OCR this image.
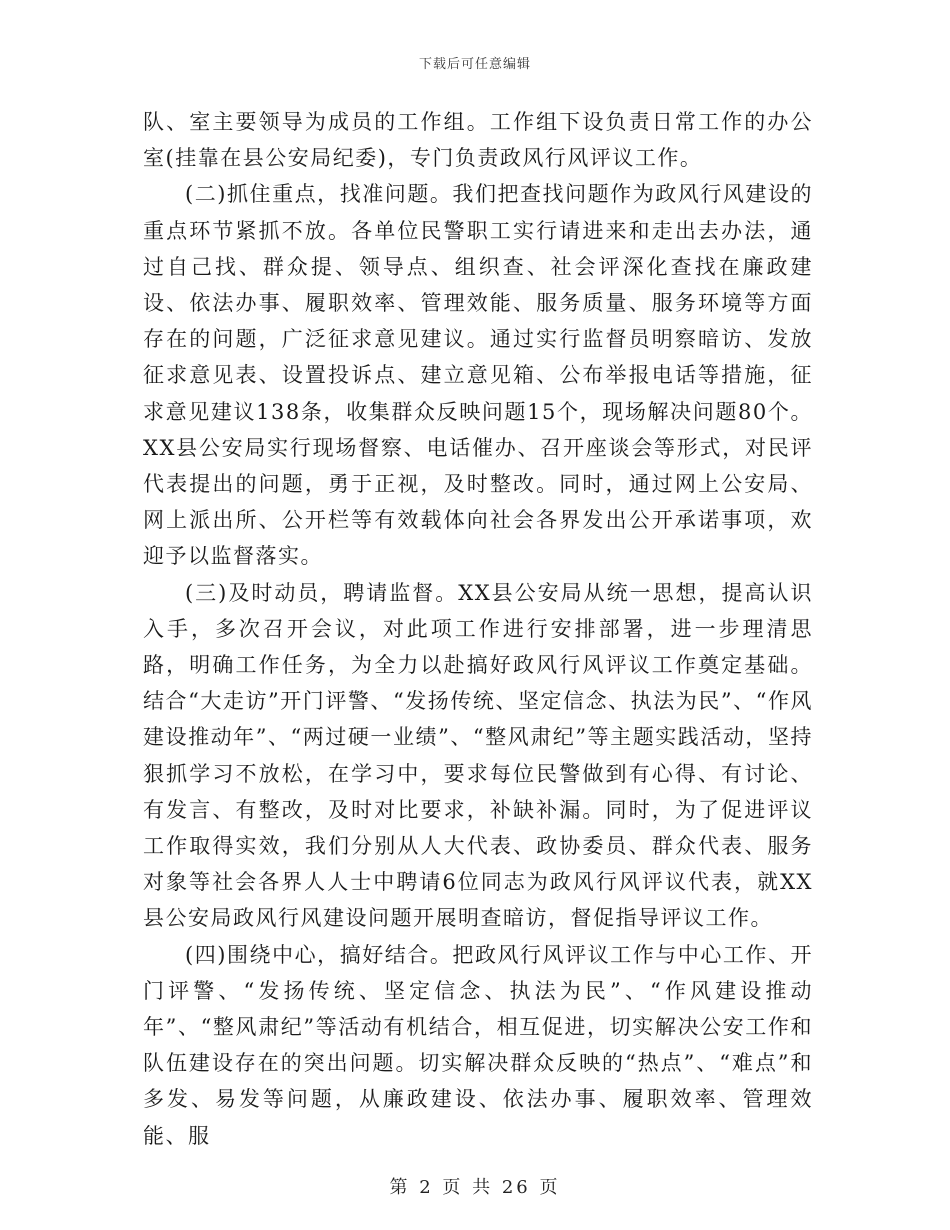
下载后可任意编辑

队、室主要领导为成员的工作组。工作组下设负责日常工作的办公室(挂靠在县公安局纪委)，专门负责政风行风评议工作。

(二)抓住重点，找准问题。我们把查找问题作为政风行风建设的重点环节紧抓不放。各单位民警职工实行请进来和走出去办法，通过自己找、群众提、领导点、组织查、社会评深化查找在廉政建设、依法办事、履职效率、管理效能、服务质量、服务环境等方面存在的问题，广泛征求意见建议。通过实行监督员明察暗访、发放征求意见表、设置投诉点、建立意见箱、公布举报电话等措施，征求意见建议138条，收集群众反映问题15个，现场解决问题80个。XX县公安局实行现场督察、电话催办、召开座谈会等形式，对民评代表提出的问题，勇于正视，及时整改。同时，通过网上公安局、网上派出所、公开栏等有效载体向社会各界发出公开承诺事项，欢迎予以监督落实。

(三)及时动员，聘请监督。XX县公安局从统一思想，提高认识入手，多次召开会议，对此项工作进行安排部署，进一步理清思路，明确工作任务，为全力以赴搞好政风行风评议工作奠定基础。结合“大走访”开门评警、“发扬传统、坚定信念、执法为民”、“作风建设推动年”、“两过硬一业绩”、“整风肃纪”等主题实践活动，坚持狠抓学习不放松，在学习中，要求每位民警做到有心得、有讨论、有发言、有整改，及时对比要求，补缺补漏。同时，为了促进评议工作取得实效，我们分别从人大代表、政协委员、群众代表、服务对象等社会各界人人士中聘请6位同志为政风行风评议代表，就XX县公安局政风行风建设问题开展明查暗访，督促指导评议工作。

(四)围绕中心，搞好结合。把政风行风评议工作与中心工作、开门评警、“发扬传统、坚定信念、执法为民”、“作风建设推动年”、“整风肃纪”等活动有机结合，相互促进，切实解决公安工作和队伍建设存在的突出问题。切实解决群众反映的“热点”、“难点”和多发、易发等问题，从廉政建设、依法办事、履职效率、管理效能、服

第 2 页 共 26 页
